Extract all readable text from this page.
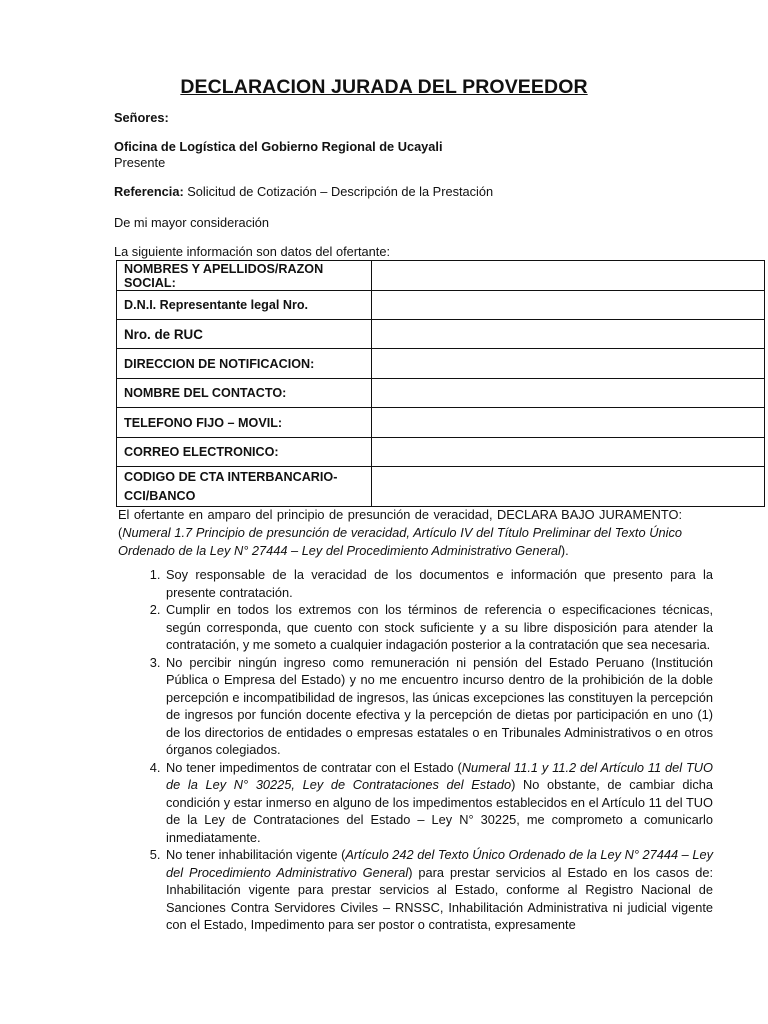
DECLARACION JURADA DEL PROVEEDOR
Señores:
Oficina de Logística del Gobierno Regional de Ucayali
Presente
Referencia: Solicitud de Cotización – Descripción de la Prestación
De mi mayor consideración
La siguiente información son datos del ofertante:
NOMBRES Y APELLIDOS/RAZON SOCIAL:	
D.N.I. Representante legal Nro.	
Nro. de RUC	
DIRECCION DE NOTIFICACION:	
NOMBRE DEL CONTACTO:	
TELEFONO FIJO – MOVIL:	
CORREO ELECTRONICO:	
CODIGO DE CTA INTERBANCARIO-CCI/BANCO	
El ofertante en amparo del principio de presunción de veracidad, DECLARA BAJO JURAMENTO: (Numeral 1.7 Principio de presunción de veracidad, Artículo IV del Título Preliminar del Texto Único Ordenado de la Ley N° 27444 – Ley del Procedimiento Administrativo General).
1. Soy responsable de la veracidad de los documentos e información que presento para la presente contratación.
2. Cumplir en todos los extremos con los términos de referencia o especificaciones técnicas, según corresponda, que cuento con stock suficiente y a su libre disposición para atender la contratación, y me someto a cualquier indagación posterior a la contratación que sea necesaria.
3. No percibir ningún ingreso como remuneración ni pensión del Estado Peruano (Institución Pública o Empresa del Estado) y no me encuentro incurso dentro de la prohibición de la doble percepción e incompatibilidad de ingresos, las únicas excepciones las constituyen la percepción de ingresos por función docente efectiva y la percepción de dietas por participación en uno (1) de los directorios de entidades o empresas estatales o en Tribunales Administrativos o en otros órganos colegiados.
4. No tener impedimentos de contratar con el Estado (Numeral 11.1 y 11.2 del Artículo 11 del TUO de la Ley N° 30225, Ley de Contrataciones del Estado) No obstante, de cambiar dicha condición y estar inmerso en alguno de los impedimentos establecidos en el Artículo 11 del TUO de la Ley de Contrataciones del Estado – Ley N° 30225, me comprometo a comunicarlo inmediatamente.
5. No tener inhabilitación vigente (Artículo 242 del Texto Único Ordenado de la Ley N° 27444 – Ley del Procedimiento Administrativo General) para prestar servicios al Estado en los casos de: Inhabilitación vigente para prestar servicios al Estado, conforme al Registro Nacional de Sanciones Contra Servidores Civiles – RNSSC, Inhabilitación Administrativa ni judicial vigente con el Estado, Impedimento para ser postor o contratista, expresamente
